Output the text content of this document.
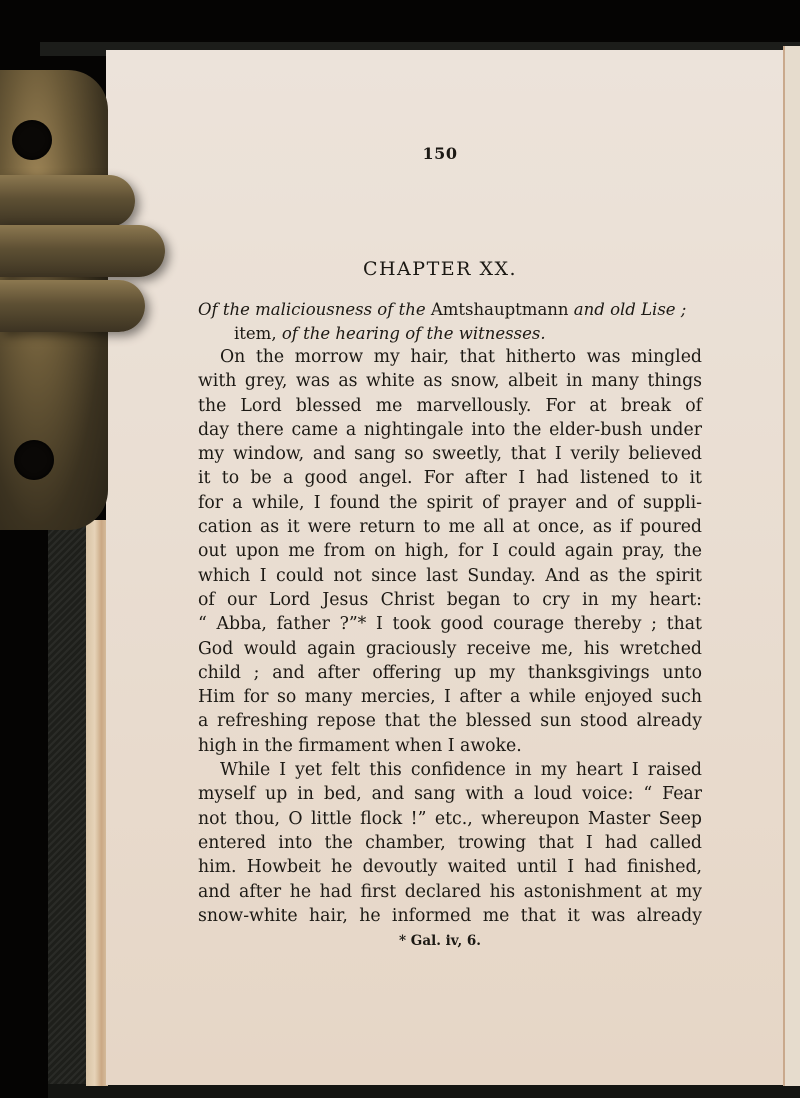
150
CHAPTER XX.
Of the maliciousness of the Amtshauptmann and old Lise ;
item, of the hearing of the witnesses.
On the morrow my hair, that hitherto was mingled
with grey, was as white as snow, albeit in many things
the Lord blessed me marvellously. For at break of
day there came a nightingale into the elder-bush under
my window, and sang so sweetly, that I verily believed
it to be a good angel. For after I had listened to it
for a while, I found the spirit of prayer and of suppli-
cation as it were return to me all at once, as if poured
out upon me from on high, for I could again pray, the
which I could not since last Sunday. And as the spirit
of our Lord Jesus Christ began to cry in my heart:
“ Abba, father ?”* I took good courage thereby ; that
God would again graciously receive me, his wretched
child ; and after offering up my thanksgivings unto
Him for so many mercies, I after a while enjoyed such
a refreshing repose that the blessed sun stood already
high in the firmament when I awoke.
While I yet felt this confidence in my heart I raised
myself up in bed, and sang with a loud voice: “ Fear
not thou, O little flock !” etc., whereupon Master Seep
entered into the chamber, trowing that I had called
him. Howbeit he devoutly waited until I had finished,
and after he had first declared his astonishment at my
snow-white hair, he informed me that it was already
* Gal. iv, 6.
